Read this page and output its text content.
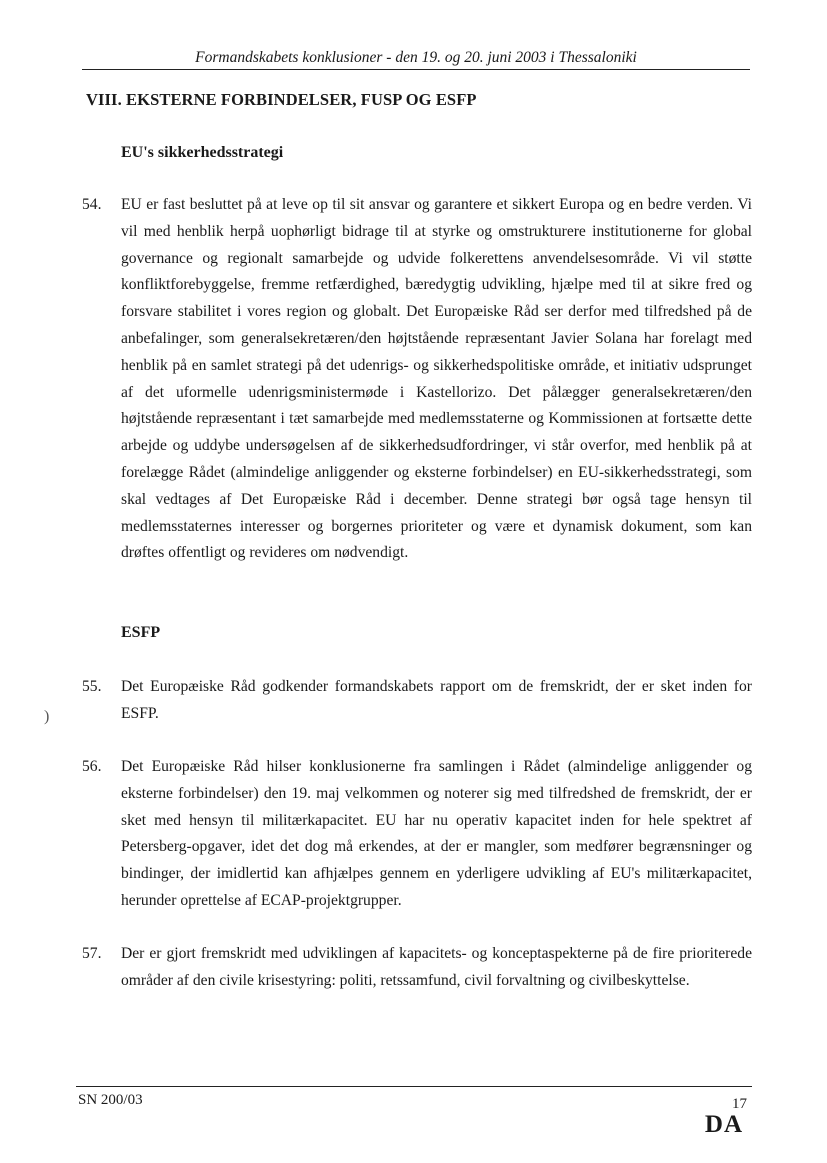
Formandskabets konklusioner - den 19. og 20. juni 2003 i Thessaloniki
VIII. EKSTERNE FORBINDELSER, FUSP OG ESFP
EU's sikkerhedsstrategi
54.	EU er fast besluttet på at leve op til sit ansvar og garantere et sikkert Europa og en bedre verden. Vi vil med henblik herpå uophørligt bidrage til at styrke og omstrukturere institutionerne for global governance og regionalt samarbejde og udvide folkerettens anvendelsesområde. Vi vil støtte konfliktforebyggelse, fremme retfærdighed, bæredygtig udvikling, hjælpe med til at sikre fred og forsvare stabilitet i vores region og globalt. Det Europæiske Råd ser derfor med tilfredshed på de anbefalinger, som generalsekretæren/den højtstående repræsentant Javier Solana har forelagt med henblik på en samlet strategi på det udenrigs- og sikkerhedspolitiske område, et initiativ udsprunget af det uformelle udenrigsministermøde i Kastellorizo. Det pålægger generalsekretæren/den højtstående repræsentant i tæt samarbejde med medlemsstaterne og Kommissionen at fortsætte dette arbejde og uddybe undersøgelsen af de sikkerhedsudfordringer, vi står overfor, med henblik på at forelægge Rådet (almindelige anliggender og eksterne forbindelser) en EU-sikkerhedsstrategi, som skal vedtages af Det Europæiske Råd i december. Denne strategi bør også tage hensyn til medlemsstaternes interesser og borgernes prioriteter og være et dynamisk dokument, som kan drøftes offentligt og revideres om nødvendigt.
ESFP
55.	Det Europæiske Råd godkender formandskabets rapport om de fremskridt, der er sket inden for ESFP.
56.	Det Europæiske Råd hilser konklusionerne fra samlingen i Rådet (almindelige anliggender og eksterne forbindelser) den 19. maj velkommen og noterer sig med tilfredshed de fremskridt, der er sket med hensyn til militærkapacitet. EU har nu operativ kapacitet inden for hele spektret af Petersberg-opgaver, idet det dog må erkendes, at der er mangler, som medfører begrænsninger og bindinger, der imidlertid kan afhjælpes gennem en yderligere udvikling af EU's militærkapacitet, herunder oprettelse af ECAP-projektgrupper.
57.	Der er gjort fremskridt med udviklingen af kapacitets- og konceptaspekterne på de fire prioriterede områder af den civile krisestyring: politi, retssamfund, civil forvaltning og civilbeskyttelse.
)
SN 200/03	17
DA
